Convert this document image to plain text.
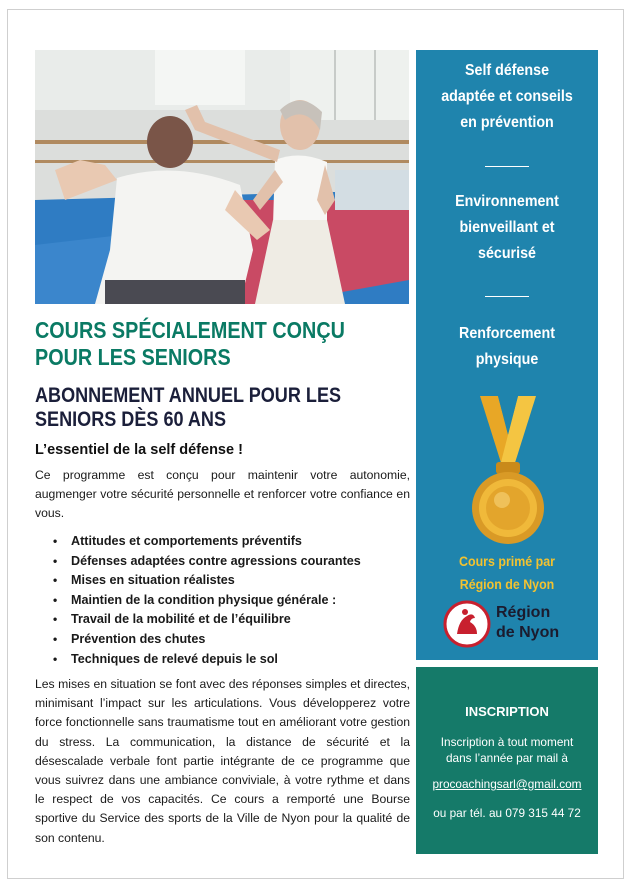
COURS SPÉCIALEMENT CONÇU
POUR LES SENIORS
ABONNEMENT ANNUEL POUR LES
SENIORS DÈS 60 ANS
L’essentiel de la self défense !
Ce programme est conçu pour maintenir votre autonomie, augmenger votre sécurité personnelle et renforcer votre confiance en vous.
• Attitudes et comportements préventifs
• Défenses adaptées contre agressions courantes
• Mises en situation réalistes
• Maintien de la condition physique générale :
• Travail de la mobilité et de l’équilibre
• Prévention des chutes
• Techniques de relevé depuis le sol
Les mises en situation se font avec des réponses simples et directes, minimisant l’impact sur les articulations. Vous développerez votre force fonctionnelle sans traumatisme tout en améliorant votre gestion du stress. La communication, la distance de sécurité et la désescalade verbale font partie intégrante de ce programme que vous suivrez dans une ambiance conviviale, à votre rythme et dans le respect de vos capacités. Ce cours a remporté une Bourse sportive du Service des sports de la Ville de Nyon pour la qualité de son contenu.
Self défense
adaptée et conseils
en prévention
Environnement
bienveillant et
sécurisé
Renforcement
physique
Cours primé par
Région de Nyon
Région
de Nyon
INSCRIPTION
Inscription à tout moment
dans l’année par mail à
procoachingsarl@gmail.com
ou par tél. au 079 315 44 72
